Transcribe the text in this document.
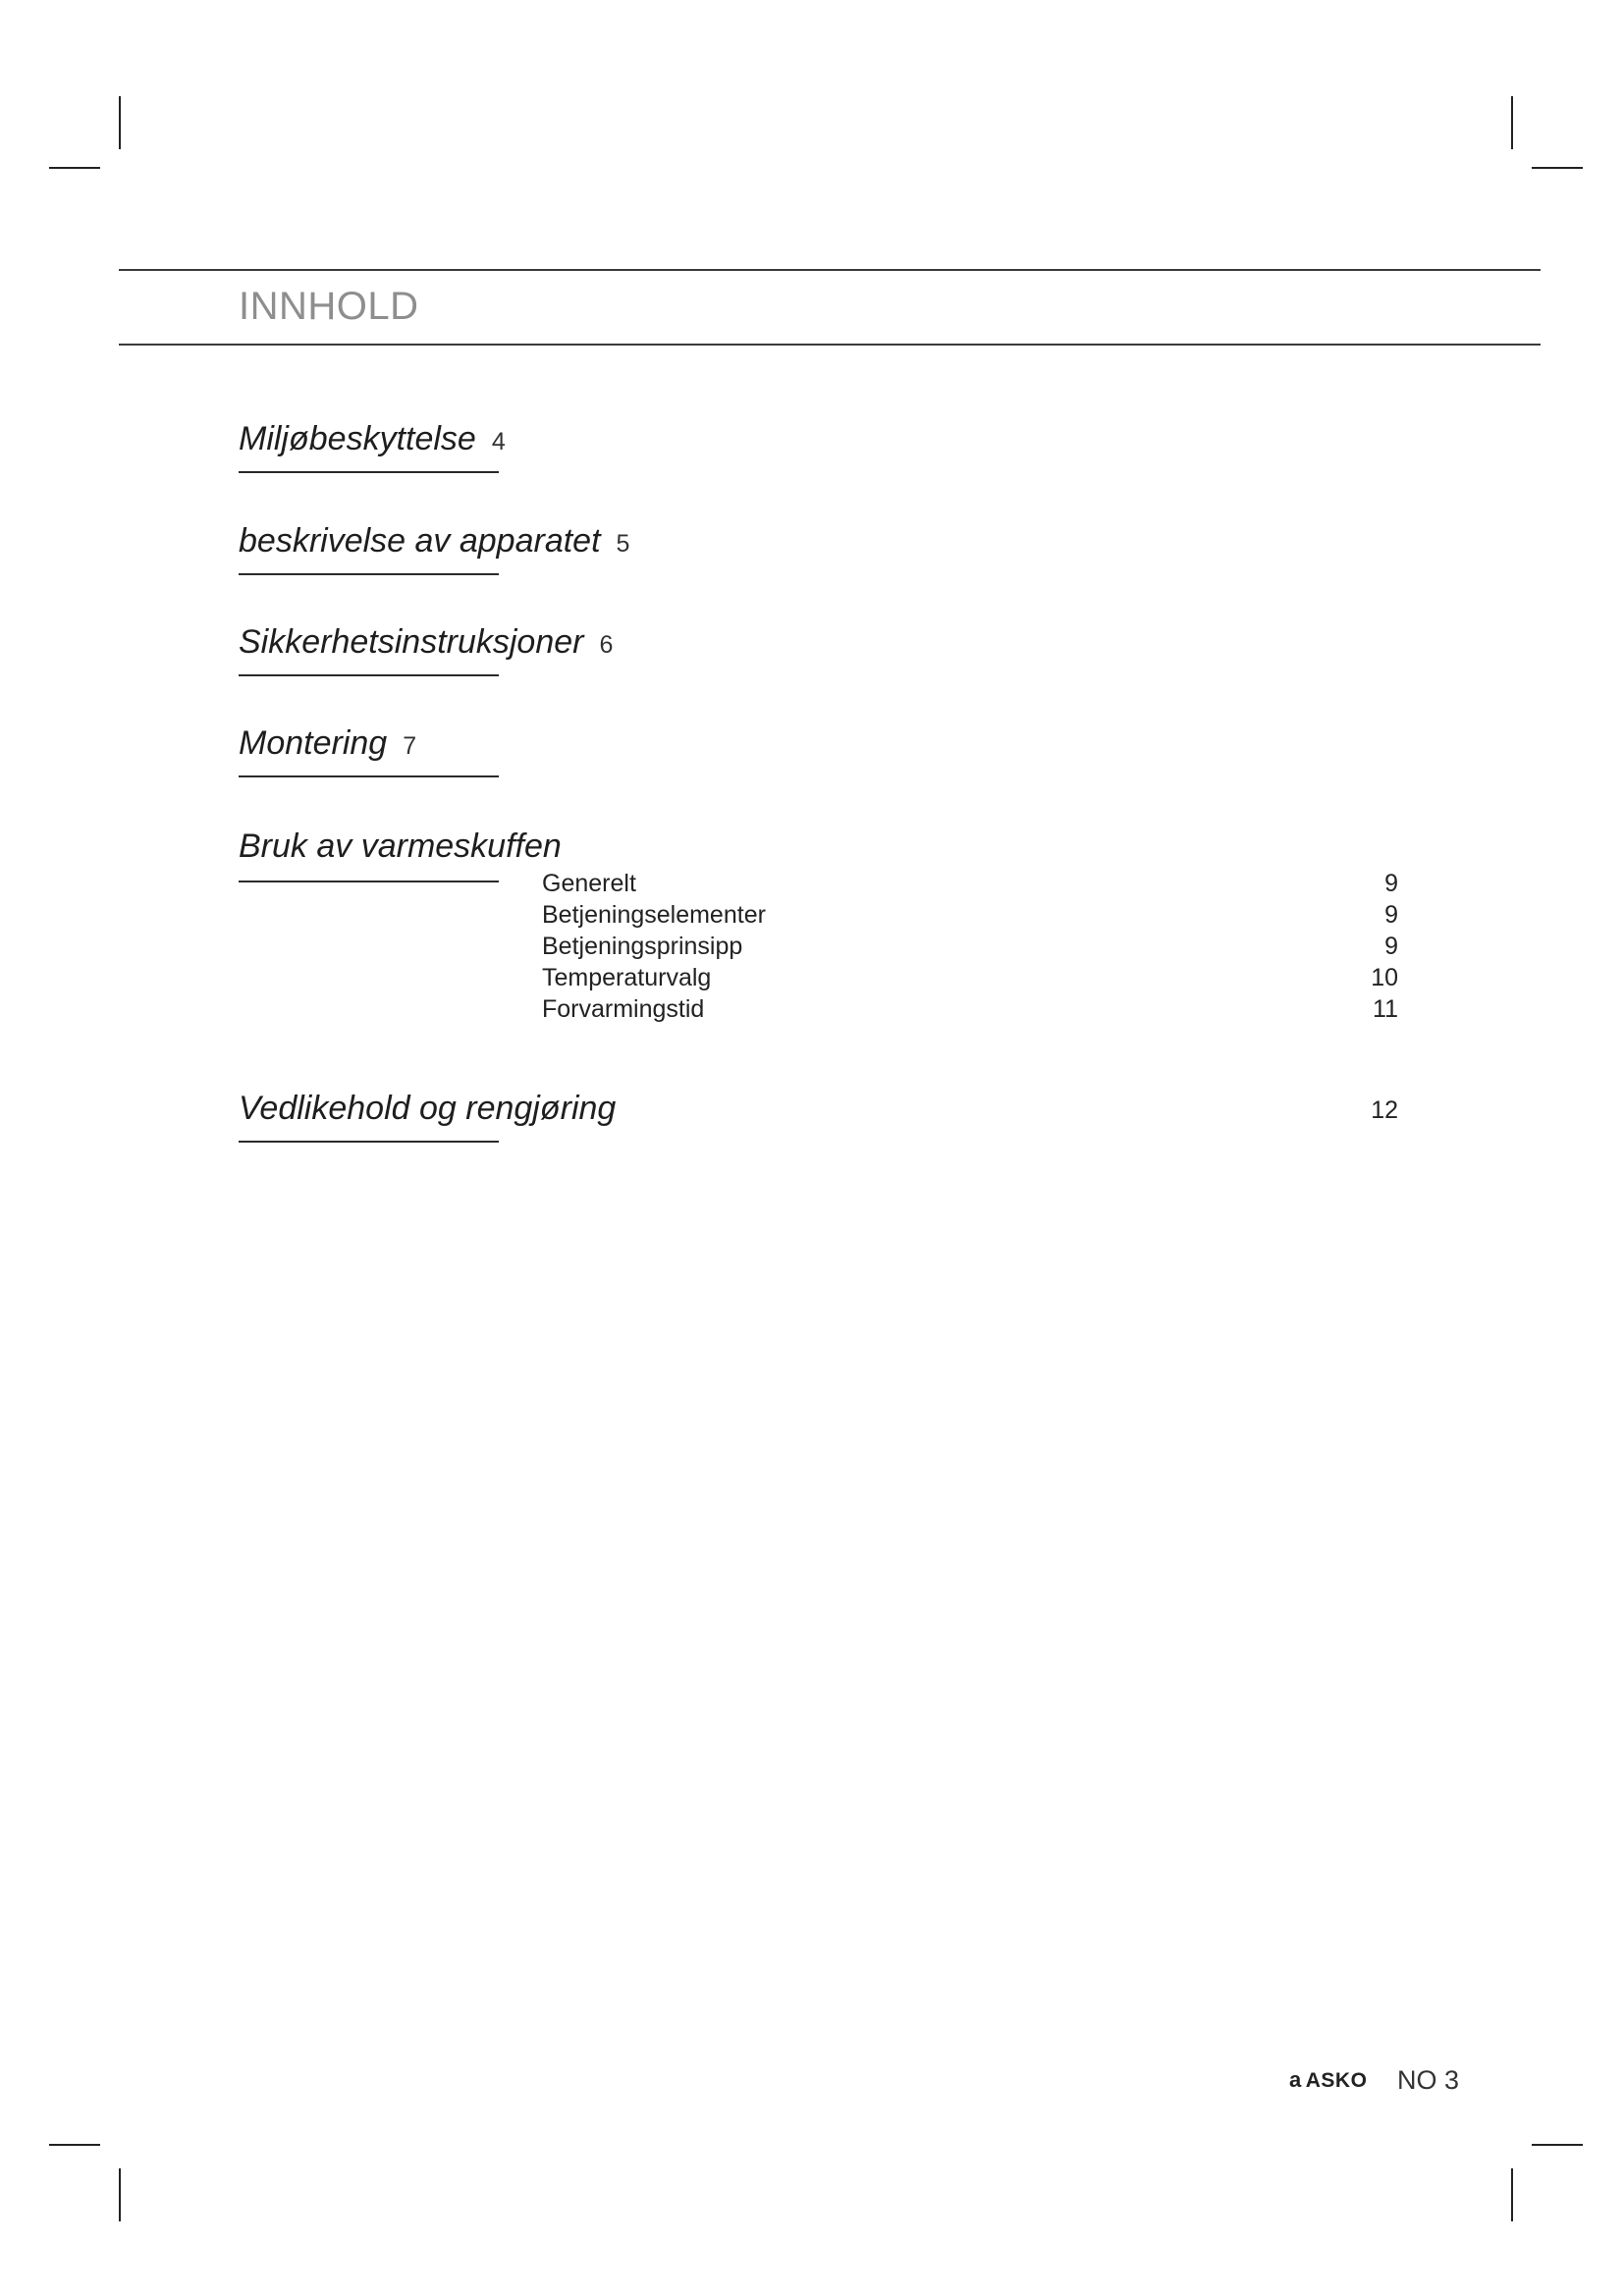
INNHOLD
Miljøbeskyttelse 4
beskrivelse av apparatet 5
Sikkerhetsinstruksjoner 6
Montering 7
Bruk av varmeskuffen
Generelt	9
Betjeningselementer	9
Betjeningsprinsipp	9
Temperaturvalg	10
Forvarmingstid	11
Vedlikehold og rengjøring	12
a ASKO NO 3
